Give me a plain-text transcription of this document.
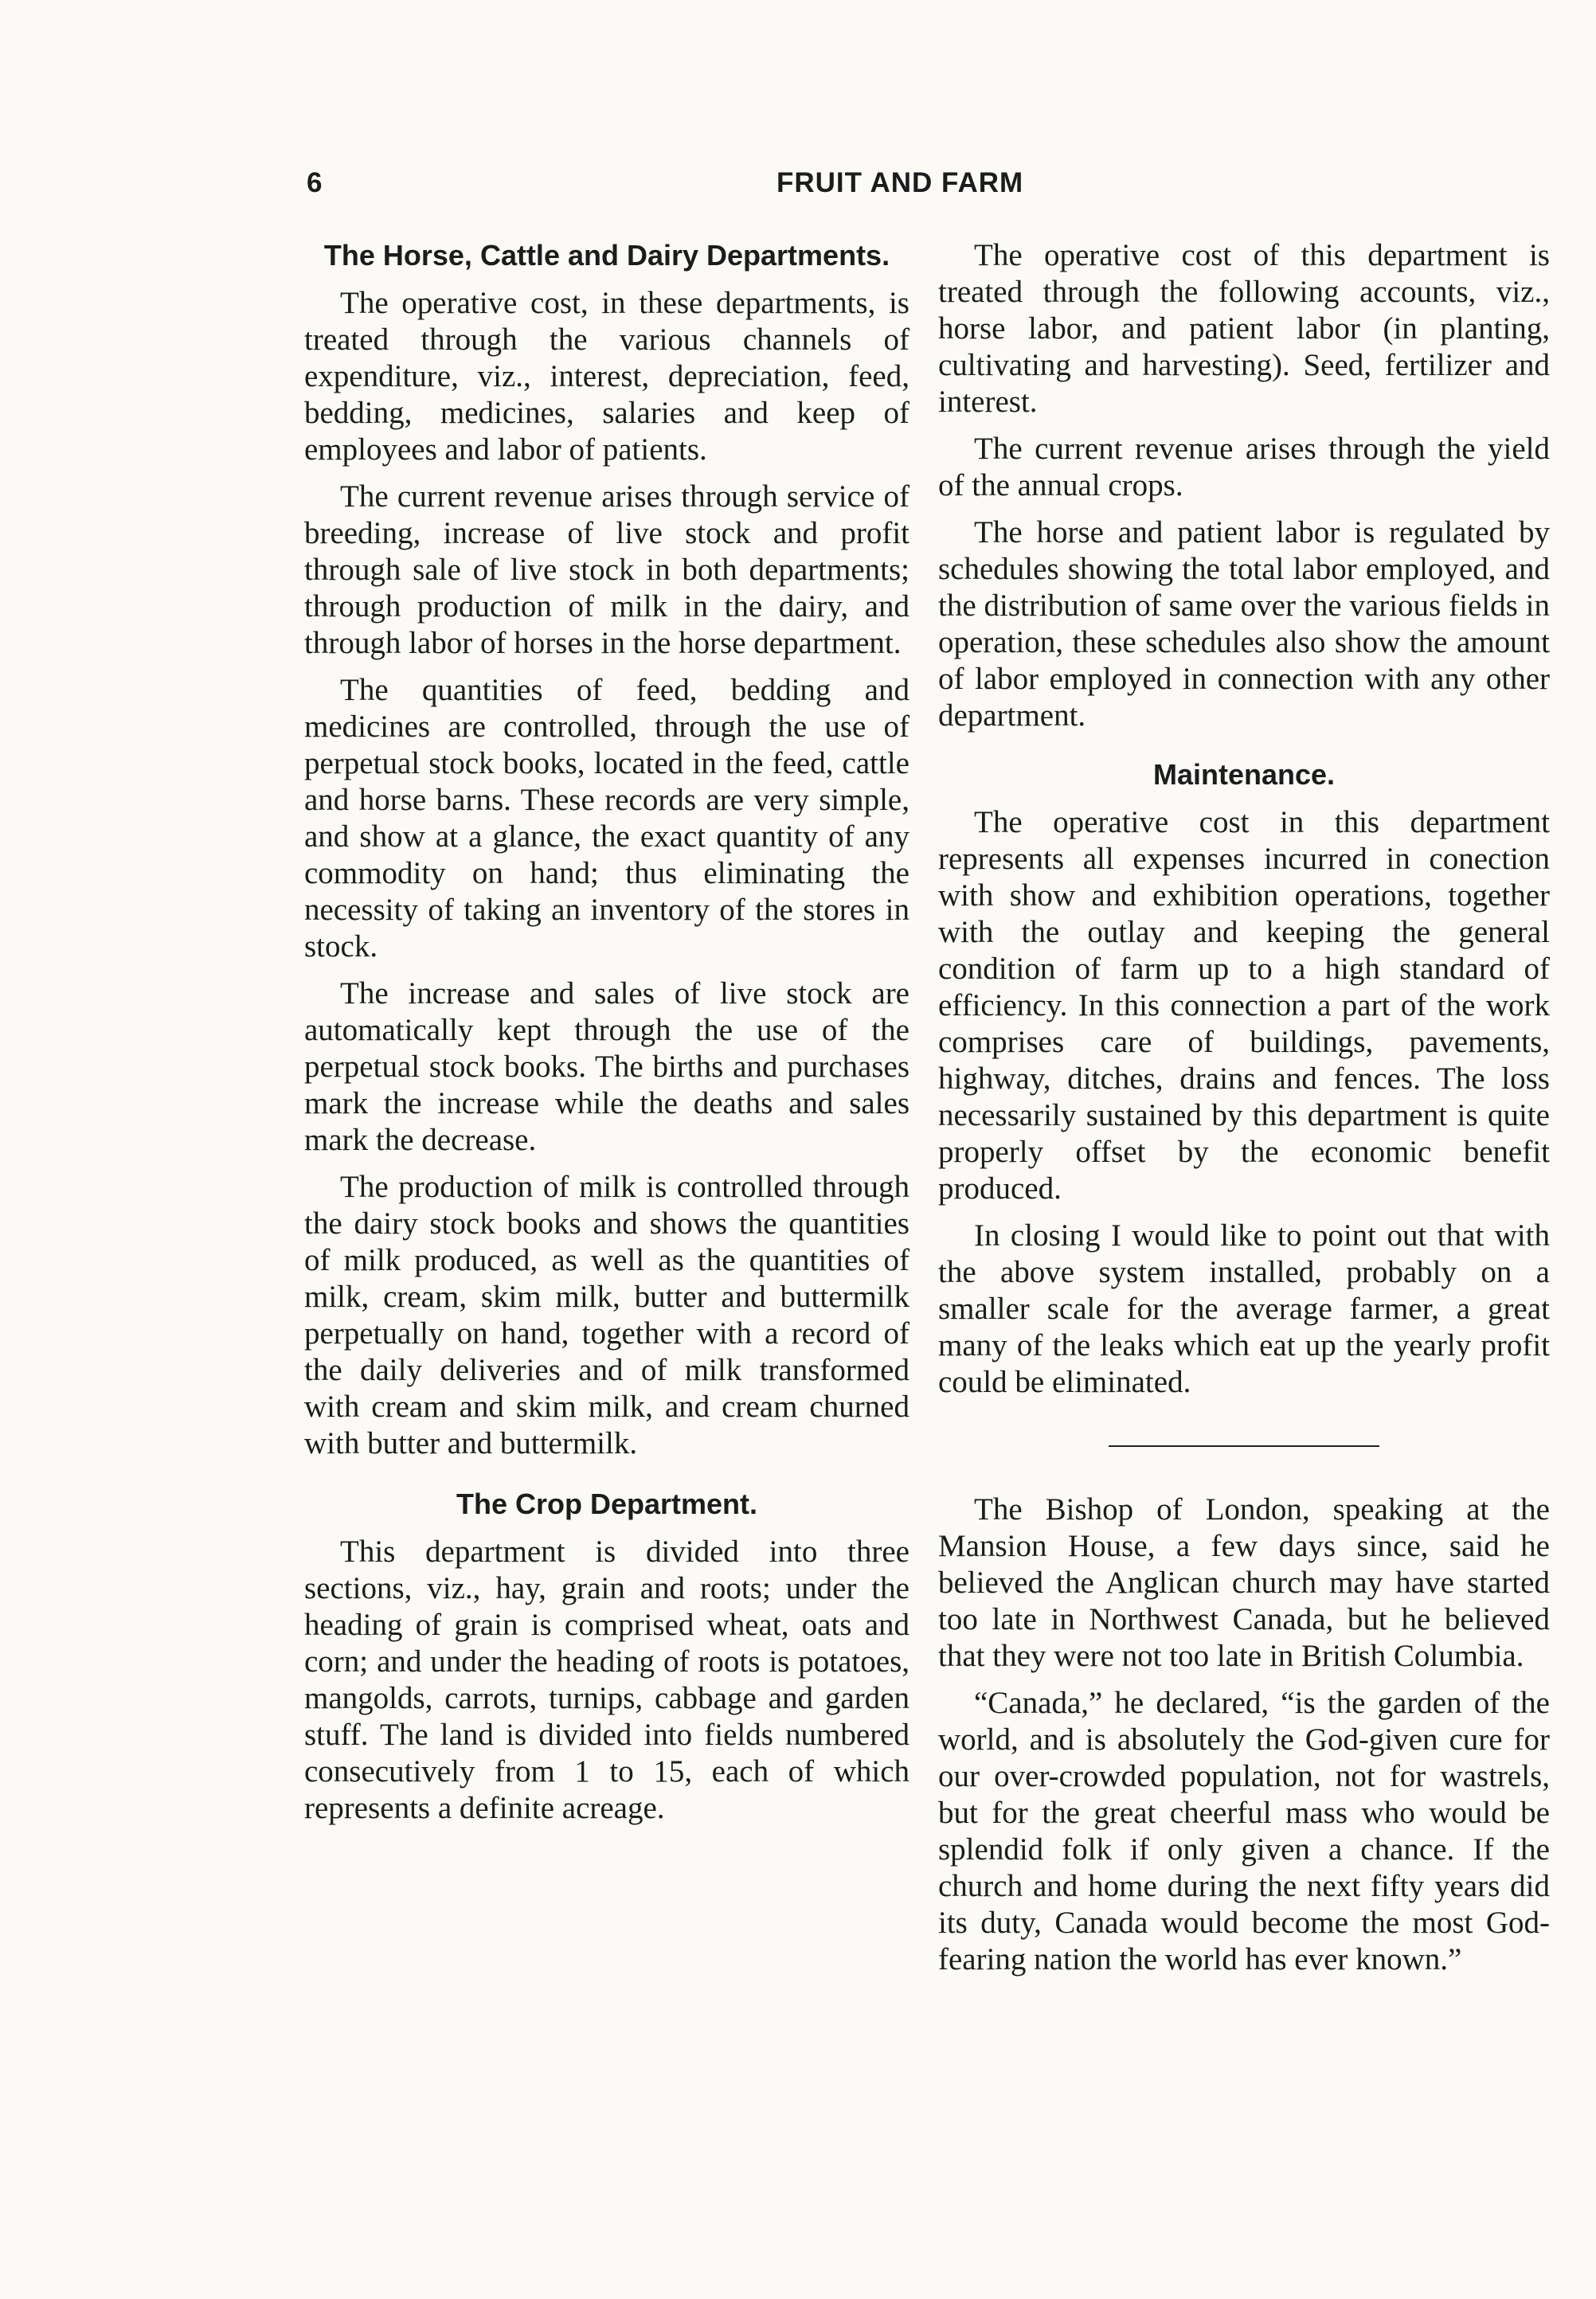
6	FRUIT AND FARM
The Horse, Cattle and Dairy Departments.

The operative cost, in these departments, is treated through the various channels of expenditure, viz., interest, depreciation, feed, bedding, medicines, salaries and keep of employees and labor of patients.

The current revenue arises through service of breeding, increase of live stock and profit through sale of live stock in both departments; through production of milk in the dairy, and through labor of horses in the horse department.

The quantities of feed, bedding and medicines are controlled, through the use of perpetual stock books, located in the feed, cattle and horse barns. These records are very simple, and show at a glance, the exact quantity of any commodity on hand; thus eliminating the necessity of taking an inventory of the stores in stock.

The increase and sales of live stock are automatically kept through the use of the perpetual stock books. The births and purchases mark the increase while the deaths and sales mark the decrease.

The production of milk is controlled through the dairy stock books and shows the quantities of milk produced, as well as the quantities of milk, cream, skim milk, butter and buttermilk perpetually on hand, together with a record of the daily deliveries and of milk transformed with cream and skim milk, and cream churned with butter and buttermilk.

The Crop Department.

This department is divided into three sections, viz., hay, grain and roots; under the heading of grain is comprised wheat, oats and corn; and under the heading of roots is potatoes, mangolds, carrots, turnips, cabbage and garden stuff. The land is divided into fields numbered consecutively from 1 to 15, each of which represents a definite acreage.

The operative cost of this department is treated through the following accounts, viz., horse labor, and patient labor (in planting, cultivating and harvesting). Seed, fertilizer and interest.

The current revenue arises through the yield of the annual crops.

The horse and patient labor is regulated by schedules showing the total labor employed, and the distribution of same over the various fields in operation, these schedules also show the amount of labor employed in connection with any other department.

Maintenance.

The operative cost in this department represents all expenses incurred in conection with show and exhibition operations, together with the outlay and keeping the general condition of farm up to a high standard of efficiency. In this connection a part of the work comprises care of buildings, pavements, highway, ditches, drains and fences. The loss necessarily sustained by this department is quite properly offset by the economic benefit produced.

In closing I would like to point out that with the above system installed, probably on a smaller scale for the average farmer, a great many of the leaks which eat up the yearly profit could be eliminated.

The Bishop of London, speaking at the Mansion House, a few days since, said he believed the Anglican church may have started too late in Northwest Canada, but he believed that they were not too late in British Columbia.

“Canada,” he declared, “is the garden of the world, and is absolutely the God-given cure for our over-crowded population, not for wastrels, but for the great cheerful mass who would be splendid folk if only given a chance. If the church and home during the next fifty years did its duty, Canada would become the most God-fearing nation the world has ever known.”
